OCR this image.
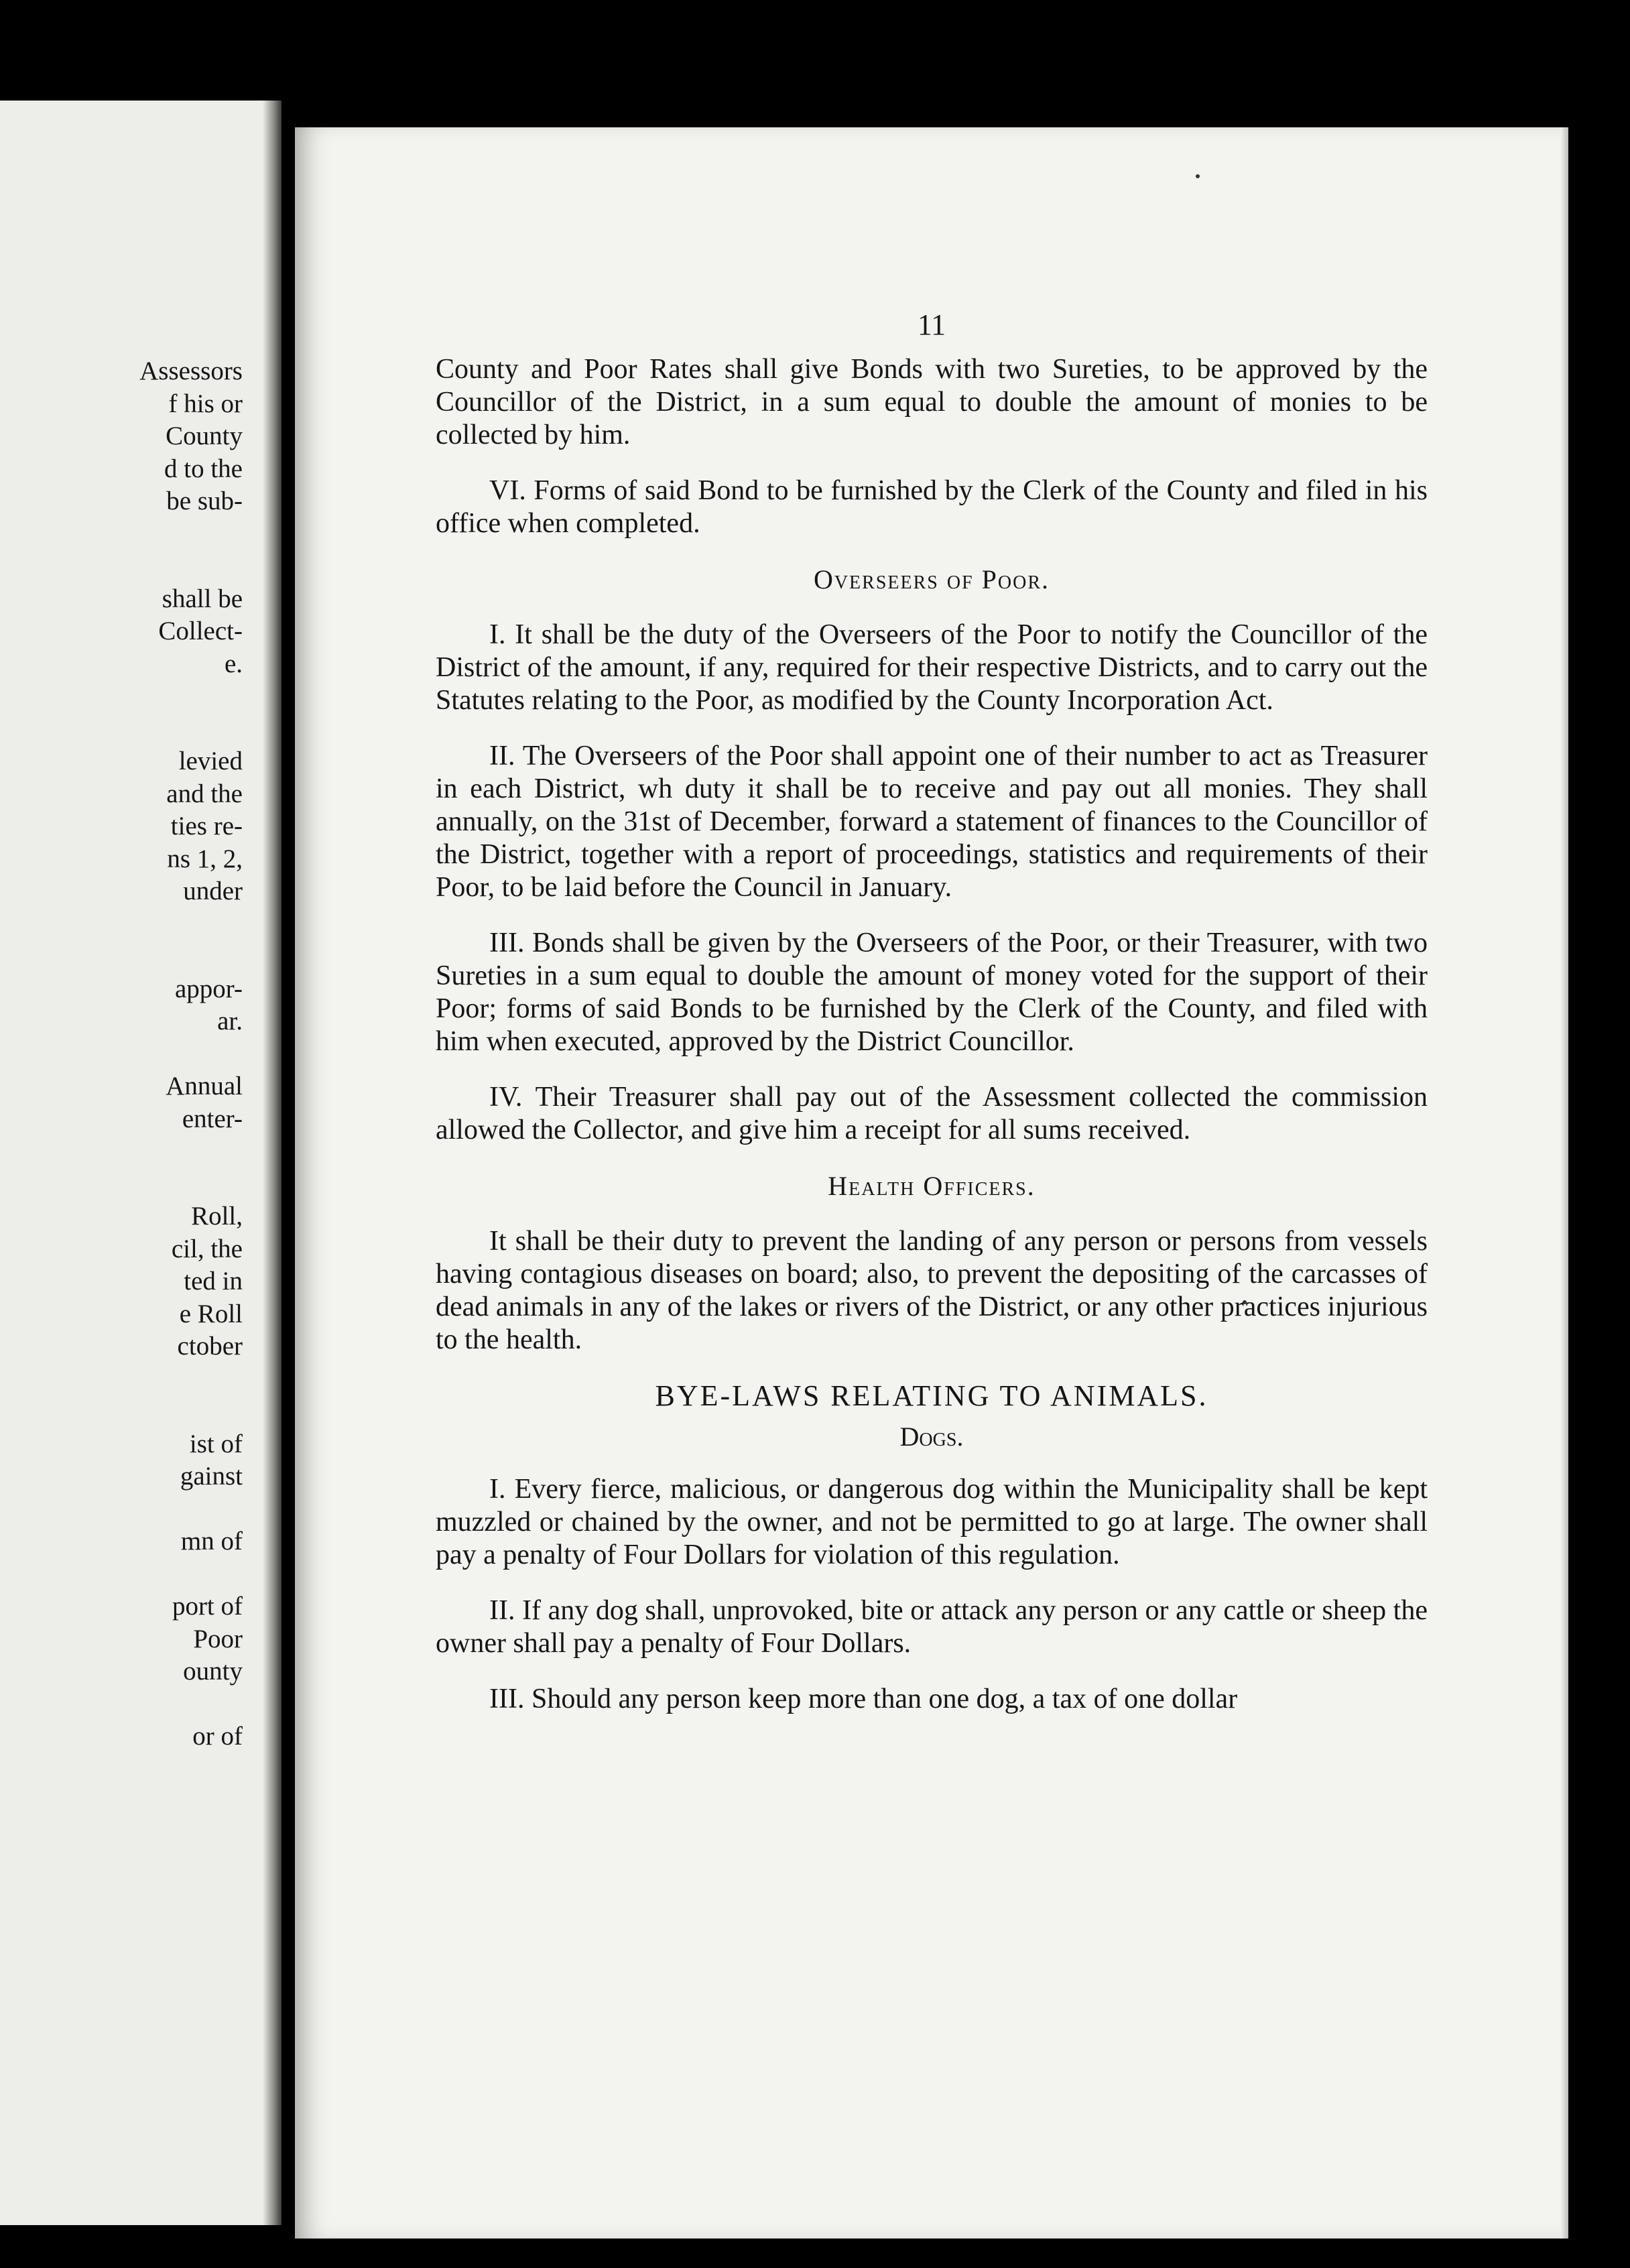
Assessors
f his or
County
d to the
be sub-
shall be
Collect-
e.
levied
and the
ties re-
ns 1, 2,
under
appor-
ar.
Annual
enter-
Roll,
cil, the
ted in
e Roll
ctober
ist of
gainst
mn of
port of
Poor
ounty
or of
11

County and Poor Rates shall give Bonds with two Sureties, to be approved by the Councillor of the District, in a sum equal to double the amount of monies to be collected by him.

VI. Forms of said Bond to be furnished by the Clerk of the County and filed in his office when completed.

Overseers of Poor.

I. It shall be the duty of the Overseers of the Poor to notify the Councillor of the District of the amount, if any, required for their respective Districts, and to carry out the Statutes relating to the Poor, as modified by the County Incorporation Act.

II. The Overseers of the Poor shall appoint one of their number to act as Treasurer in each District, wh duty it shall be to receive and pay out all monies. They shall annually, on the 31st of December, forward a statement of finances to the Councillor of the District, together with a report of proceedings, statistics and requirements of their Poor, to be laid before the Council in January.

III. Bonds shall be given by the Overseers of the Poor, or their Treasurer, with two Sureties in a sum equal to double the amount of money voted for the support of their Poor; forms of said Bonds to be furnished by the Clerk of the County, and filed with him when executed, approved by the District Councillor.

IV. Their Treasurer shall pay out of the Assessment collected the commission allowed the Collector, and give him a receipt for all sums received.

Health Officers.

It shall be their duty to prevent the landing of any person or persons from vessels having contagious diseases on board; also, to prevent the depositing of the carcasses of dead animals in any of the lakes or rivers of the District, or any other practices injurious to the health.

BYE-LAWS RELATING TO ANIMALS.
Dogs.

I. Every fierce, malicious, or dangerous dog within the Municipality shall be kept muzzled or chained by the owner, and not be permitted to go at large. The owner shall pay a penalty of Four Dollars for violation of this regulation.

II. If any dog shall, unprovoked, bite or attack any person or any cattle or sheep the owner shall pay a penalty of Four Dollars.

III. Should any person keep more than one dog, a tax of one dollar
